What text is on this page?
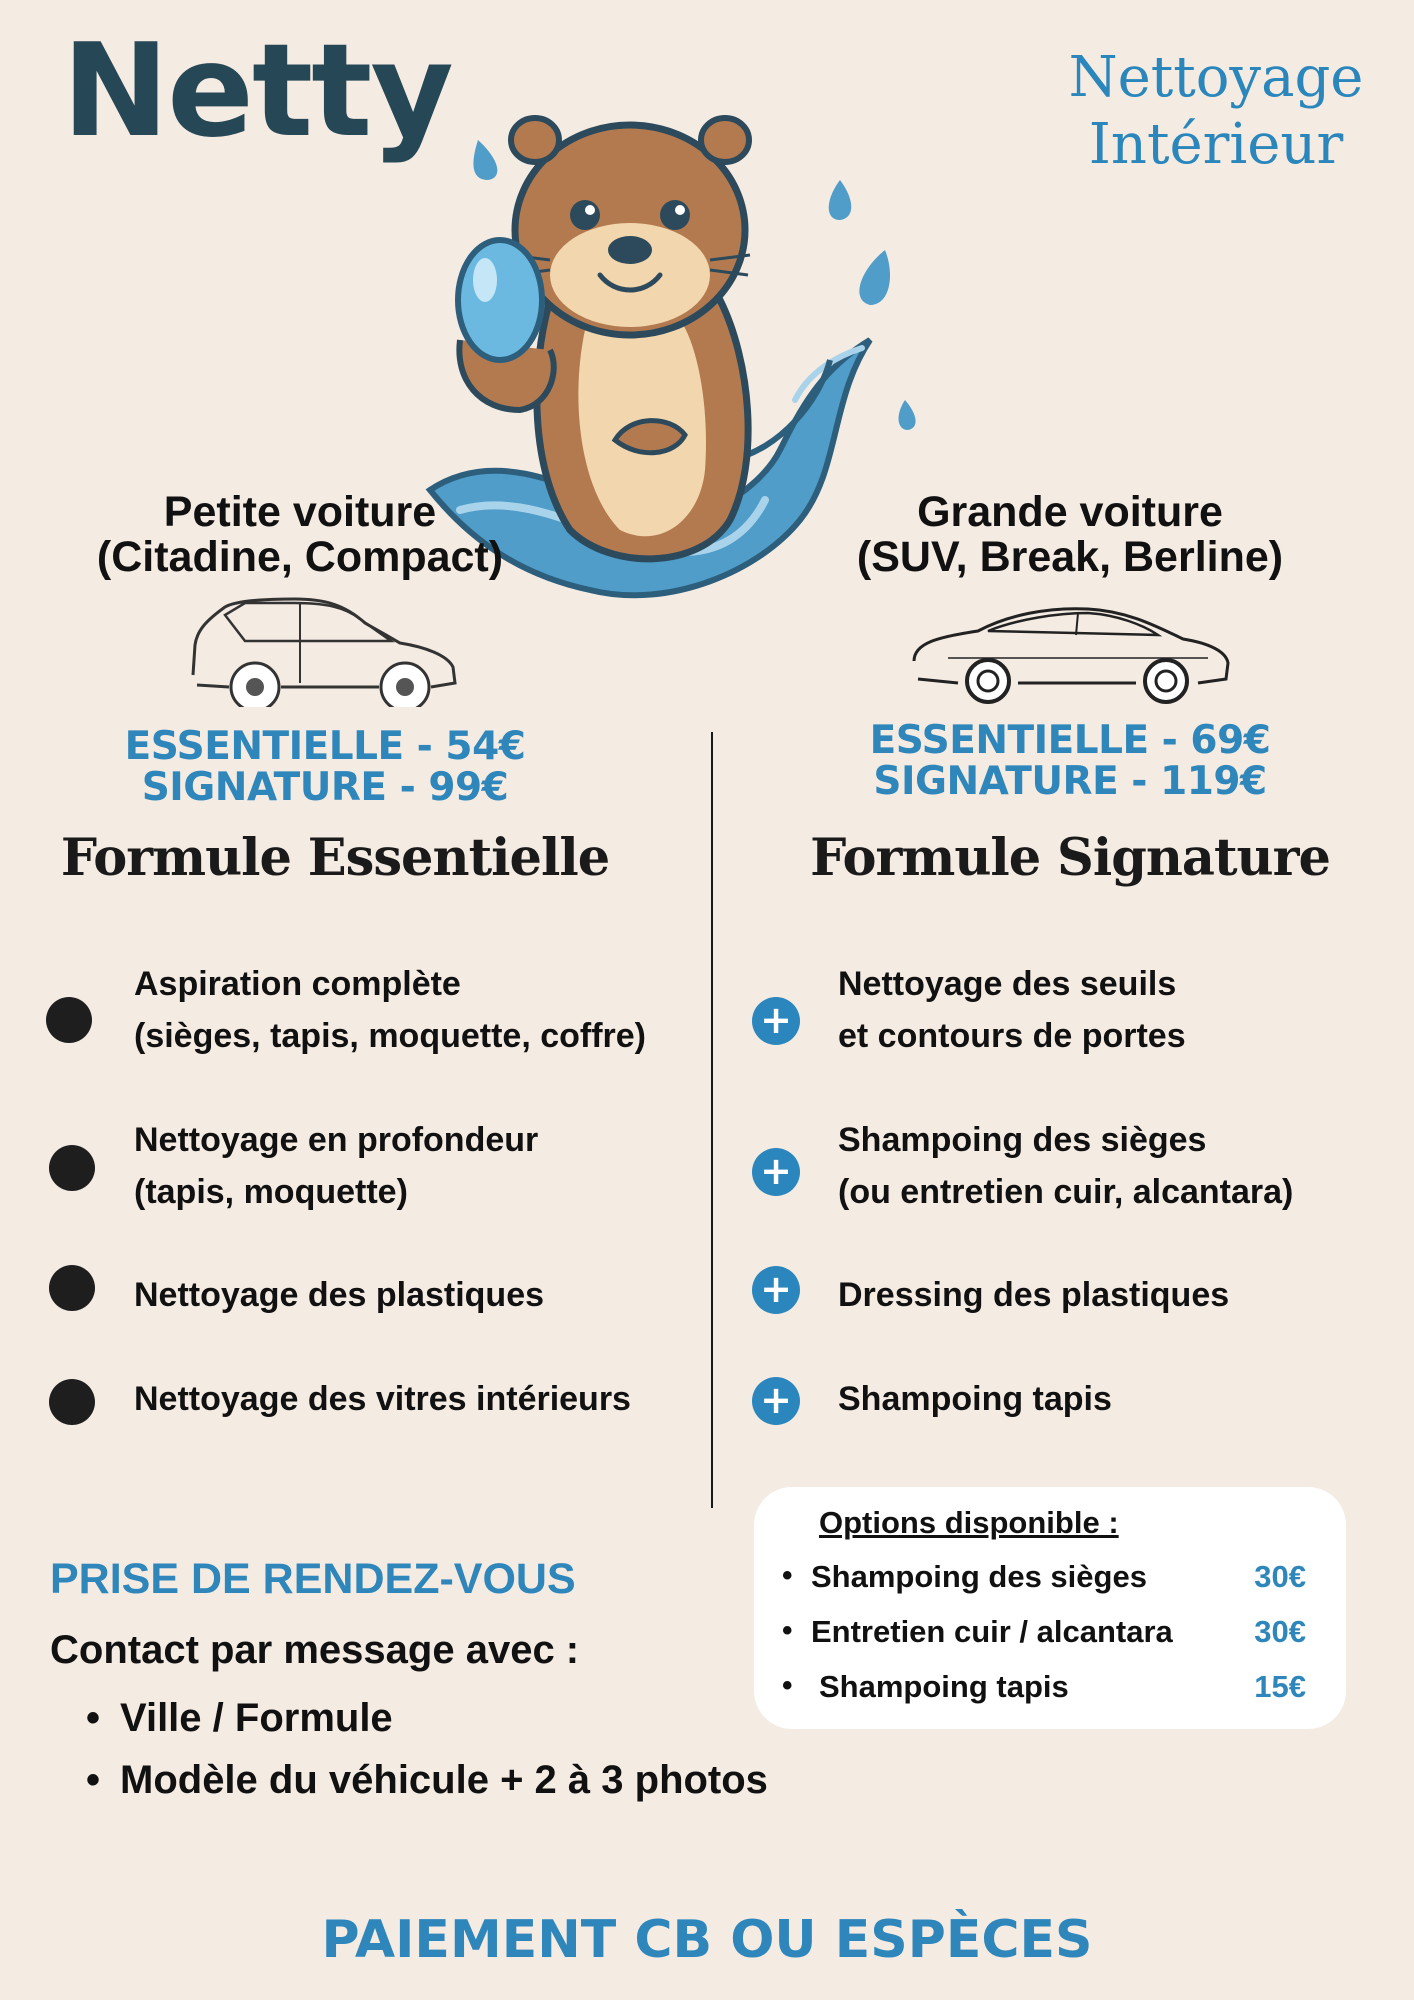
Netty	Nettoyage
Intérieur
Petite voiture
(Citadine, Compact)
ESSENTIELLE - 54€
SIGNATURE - 99€
Grande voiture
(SUV, Break, Berline)
ESSENTIELLE - 69€
SIGNATURE - 119€
Formule Essentielle	Formule Signature
Aspiration complète
(sièges, tapis, moquette, coffre)
Nettoyage en profondeur
(tapis, moquette)
Nettoyage des plastiques
Nettoyage des vitres intérieurs
+
Nettoyage des seuils
et contours de portes
+
Shampoing des sièges
(ou entretien cuir, alcantara)
+ Dressing des plastiques
+ Shampoing tapis
Options disponible :
• Shampoing des sièges	30€
• Entretien cuir / alcantara	30€
• Shampoing tapis	15€
PRISE DE RENDEZ-VOUS
Contact par message avec :
• Ville / Formule
• Modèle du véhicule + 2 à 3 photos
PAIEMENT CB OU ESPÈCES
